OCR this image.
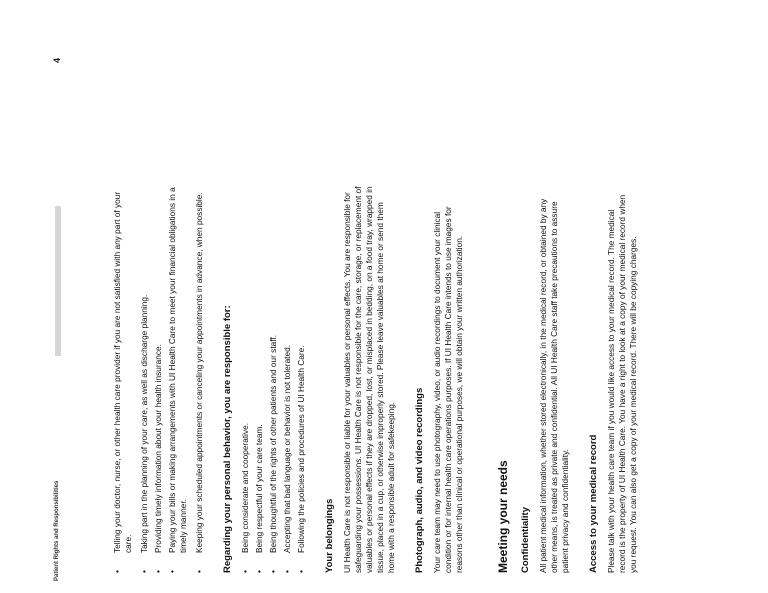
Patient Rights and Responsibilities
4
•
Telling your doctor, nurse, or other health care provider if you are not satisfied with any part of your care.
•
Taking part in the planning of your care, as well as discharge planning.
•
Providing timely information about your health insurance.
•
Paying your bills or making arrangements with UI Health Care to meet your financial obligations in a timely manner.
•
Keeping your scheduled appointments or canceling your appointments in advance, when possible. Regarding your personal behavior, you are responsible for: •
Being considerate and cooperative.
•
Being respectful of your care team.
•
Being thoughtful of the rights of other patients and our staff.
•
Accepting that bad language or behavior is not tolerated.
•
Following the policies and procedures of UI Health Care. Your belongings UI Health Care is not responsible or liable for your valuables or personal effects. You are responsible for safeguarding your possessions. UI Health Care is not responsible for the care, storage, or replacement of valuables or personal effects if they are dropped, lost, or misplaced in bedding, on a food tray, wrapped in tissue, placed in a cup, or otherwise improperly stored. Please leave valuables at home or send them home with a responsible adult for safekeeping. Photograph, audio, and video recordings Your care team may need to use photography, video, or audio recordings to document your clinical condition or for internal health care operations purposes. If UI Health Care intends to use images for reasons other than clinical or operational purposes, we will obtain your written authorization.	Meeting your needs Confidentiality All patient medical information, whether stored electronically, in the medical record, or obtained by any other means, is treated as private and confidential. All UI Health Care staff take precautions to assure patient privacy and confidentiality. Access to your medical record Please talk with your health care team if you would like access to your medical record. The medical record is the property of UI Health Care. You have a right to look at a copy of your medical record when you request. You can also get a copy of your medical record. There will be copying charges.
